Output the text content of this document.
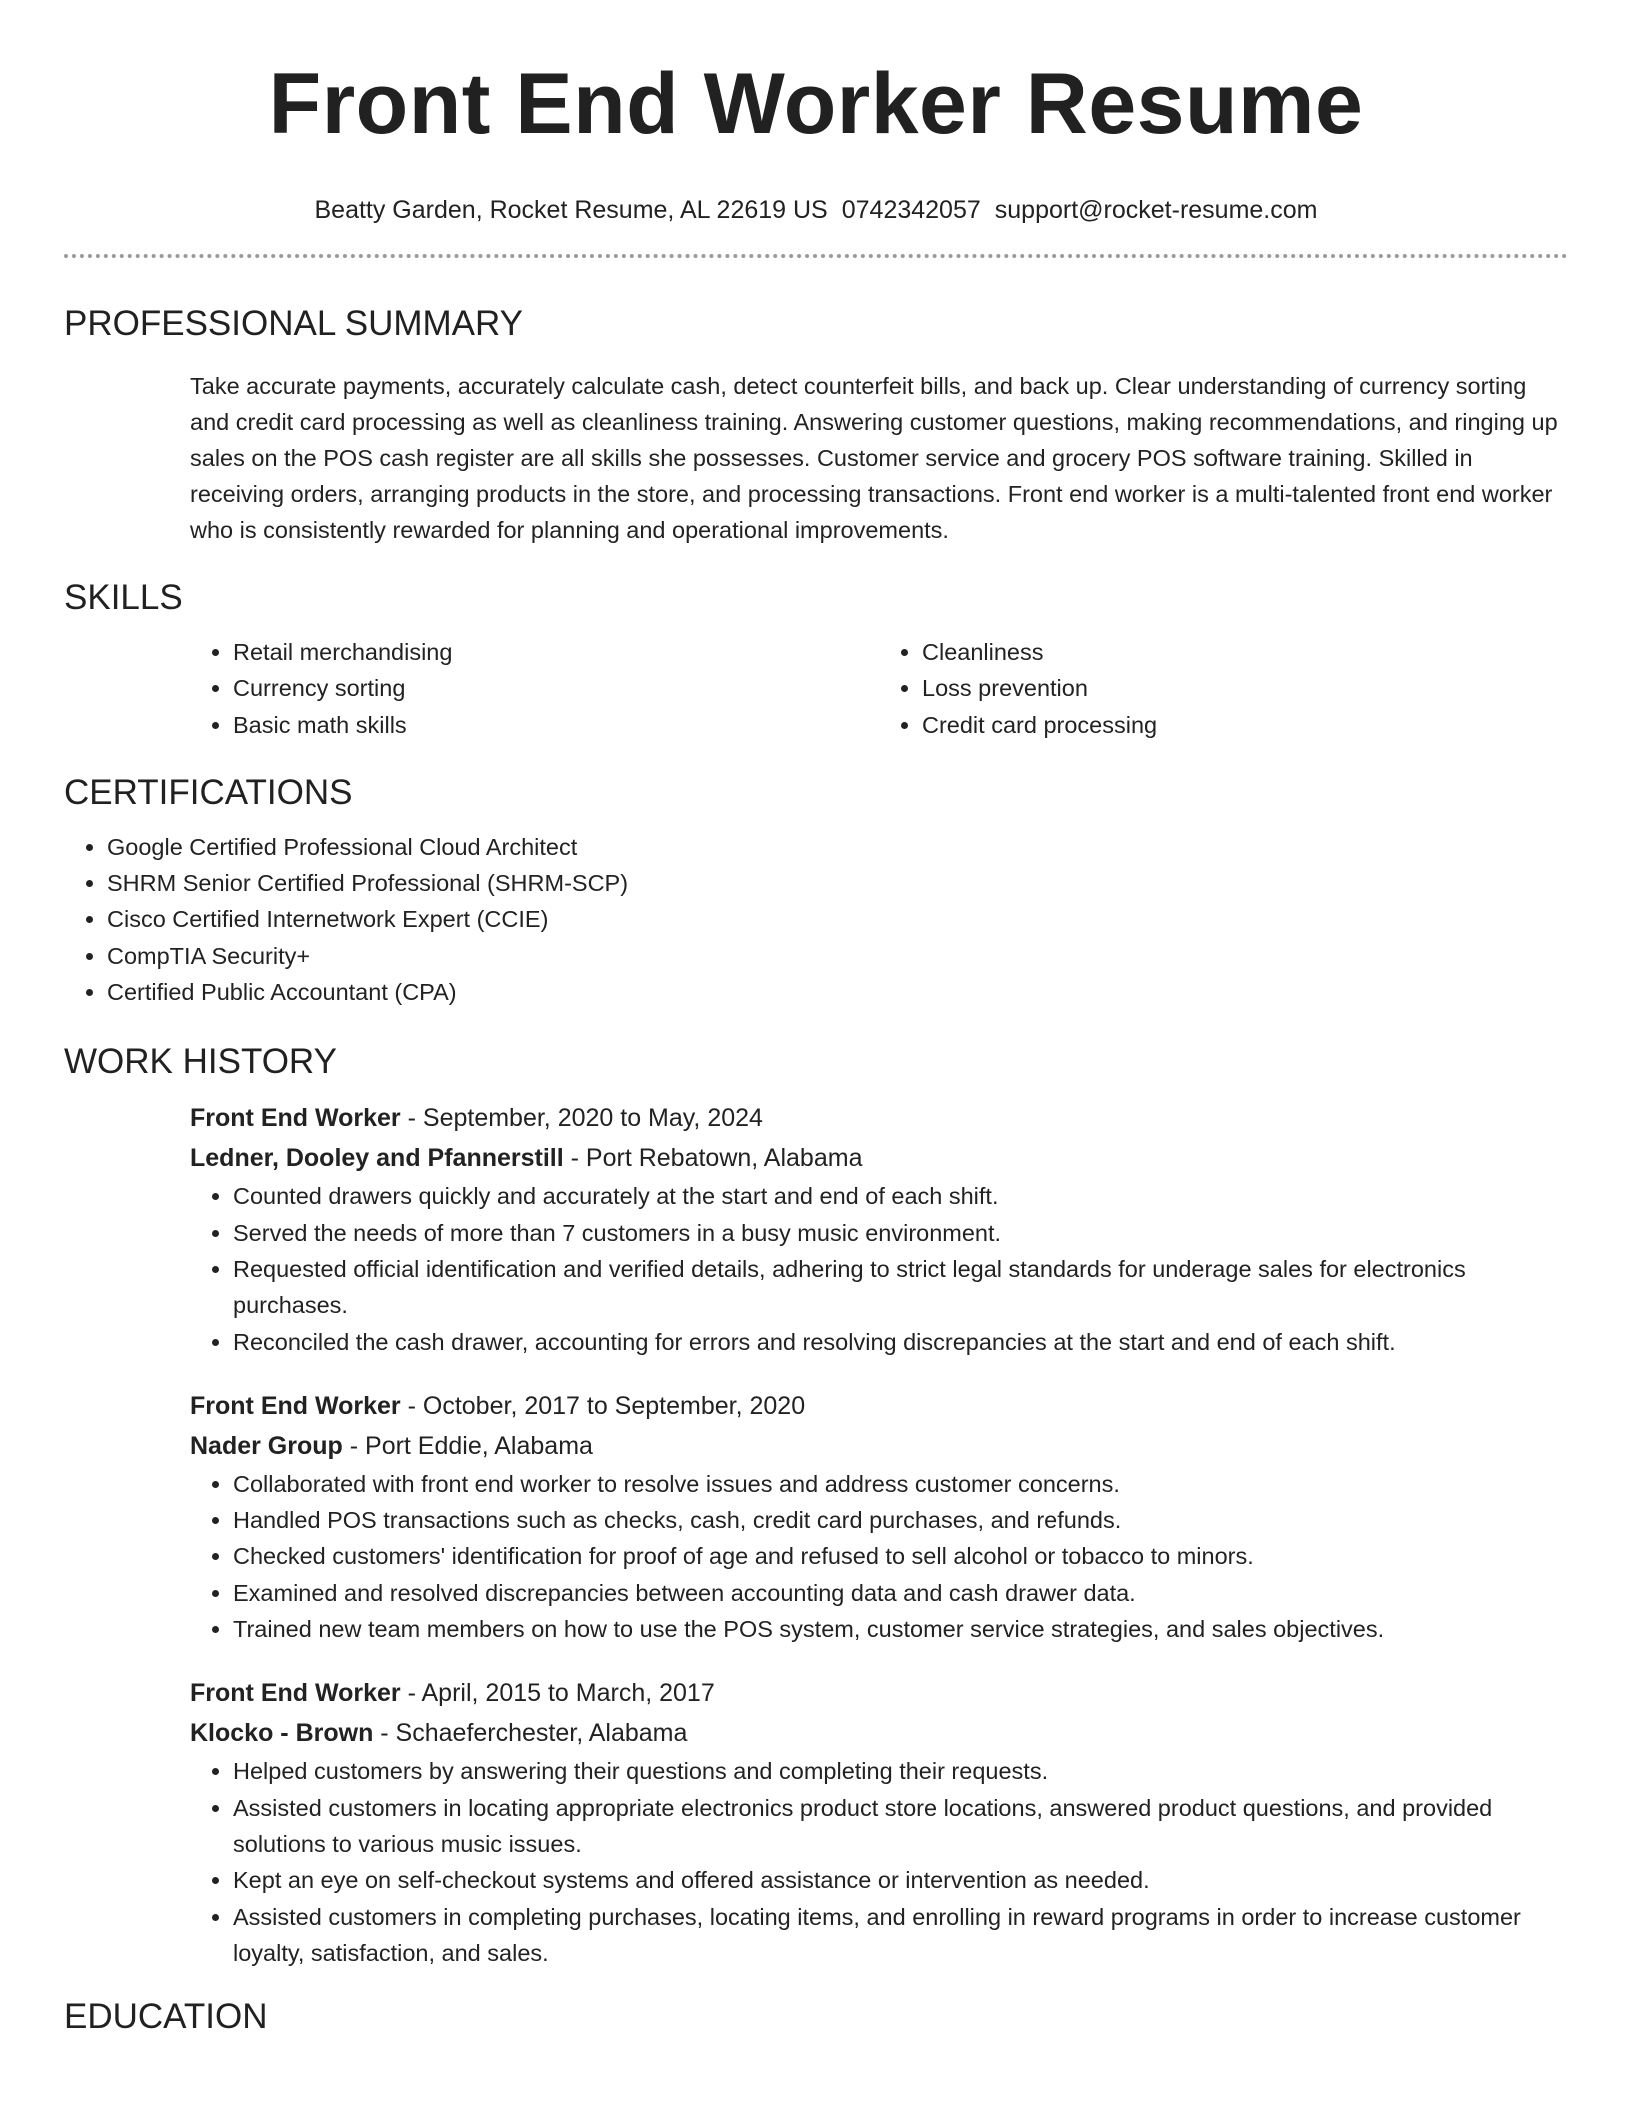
Front End Worker Resume
Beatty Garden, Rocket Resume, AL 22619 US 0742342057 support@rocket-resume.com
PROFESSIONAL SUMMARY

Take accurate payments, accurately calculate cash, detect counterfeit bills, and back up. Clear understanding of currency sorting and credit card processing as well as cleanliness training. Answering customer questions, making recommendations, and ringing up sales on the POS cash register are all skills she possesses. Customer service and grocery POS software training. Skilled in receiving orders, arranging products in the store, and processing transactions. Front end worker is a multi-talented front end worker who is consistently rewarded for planning and operational improvements.

SKILLS
• Retail merchandising
• Currency sorting
• Basic math skills
• Cleanliness
• Loss prevention
• Credit card processing
CERTIFICATIONS
• Google Certified Professional Cloud Architect
• SHRM Senior Certified Professional (SHRM-SCP)
• Cisco Certified Internetwork Expert (CCIE)
• CompTIA Security+
• Certified Public Accountant (CPA)
WORK HISTORY
Front End Worker - September, 2020 to May, 2024
Ledner, Dooley and Pfannerstill - Port Rebatown, Alabama
• Counted drawers quickly and accurately at the start and end of each shift.
• Served the needs of more than 7 customers in a busy music environment.
• Requested official identification and verified details, adhering to strict legal standards for underage sales for electronics purchases.
• Reconciled the cash drawer, accounting for errors and resolving discrepancies at the start and end of each shift.
Front End Worker - October, 2017 to September, 2020
Nader Group - Port Eddie, Alabama
• Collaborated with front end worker to resolve issues and address customer concerns.
• Handled POS transactions such as checks, cash, credit card purchases, and refunds.
• Checked customers' identification for proof of age and refused to sell alcohol or tobacco to minors.
• Examined and resolved discrepancies between accounting data and cash drawer data.
• Trained new team members on how to use the POS system, customer service strategies, and sales objectives.
Front End Worker - April, 2015 to March, 2017
Klocko - Brown - Schaeferchester, Alabama
• Helped customers by answering their questions and completing their requests.
• Assisted customers in locating appropriate electronics product store locations, answered product questions, and provided solutions to various music issues.
• Kept an eye on self-checkout systems and offered assistance or intervention as needed.
• Assisted customers in completing purchases, locating items, and enrolling in reward programs in order to increase customer loyalty, satisfaction, and sales.
EDUCATION
